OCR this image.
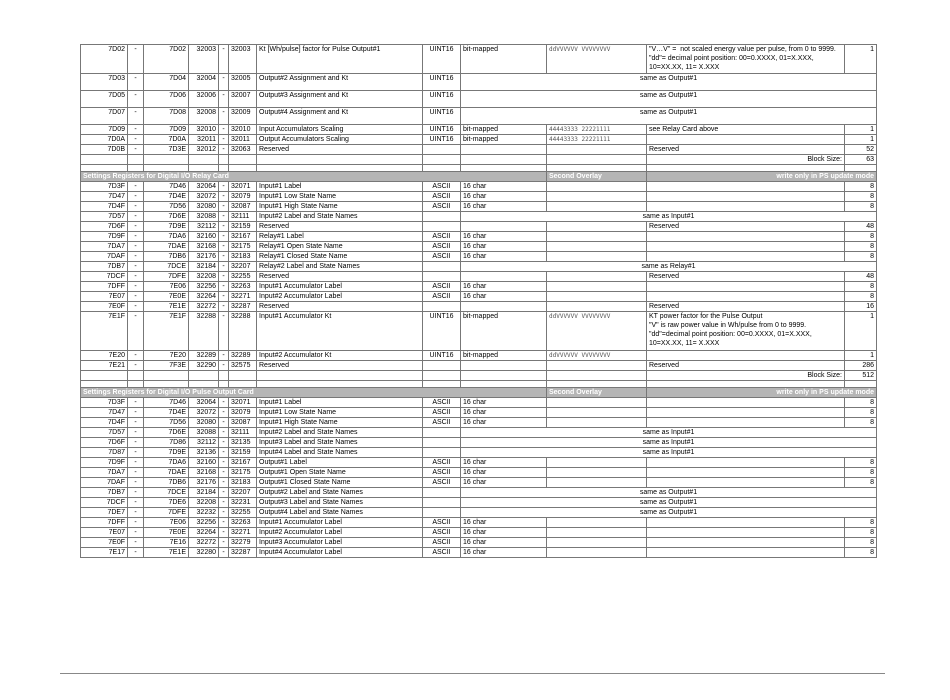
7D02	-	7D02	32003	-	32003	Kt [Wh/pulse] factor for Pulse Output#1	UINT16	bit-mapped	ddVVVVVV VVVVVVVV	"V…V" =  not scaled energy value per pulse, from 0 to 9999.
"dd"= decimal point position: 00=0.XXXX, 01=X.XXX, 10=XX.XX, 11= X.XXX	1	
7D03	-	7D04	32004	-	32005	Output#2 Assignment and Kt	UINT16	same as Output#1	
7D05	-	7D06	32006	-	32007	Output#3 Assignment and Kt	UINT16	same as Output#1	
7D07	-	7D08	32008	-	32009	Output#4 Assignment and Kt	UINT16	same as Output#1	
7D09	-	7D09	32010	-	32010	Input Accumulators Scaling	UINT16	bit-mapped	44443333 22221111	see Relay Card above	1	
7D0A	-	7D0A	32011	-	32011	Output Accumulators Scaling	UINT16	bit-mapped	44443333 22221111		1	
7D0B	-	7D3E	32012	-	32063	Reserved				Reserved	52	
										Block Size:	63	

Settings Registers for Digital I/O Relay Card									Second Overlay	write only in PS update mode		
7D3F	-	7D46	32064	-	32071	Input#1 Label	ASCII	16 char			8	
7D47	-	7D4E	32072	-	32079	Input#1 Low State Name	ASCII	16 char			8	
7D4F	-	7D56	32080	-	32087	Input#1 High State Name	ASCII	16 char			8	
7D57	-	7D6E	32088	-	32111	Input#2 Label and State Names		same as Input#1	
7D6F	-	7D9E	32112	-	32159	Reserved				Reserved	48	
7D9F	-	7DA6	32160	-	32167	Relay#1 Label	ASCII	16 char			8	
7DA7	-	7DAE	32168	-	32175	Relay#1 Open State Name	ASCII	16 char			8	
7DAF	-	7DB6	32176	-	32183	Relay#1 Closed State Name	ASCII	16 char			8	
7DB7	-	7DCE	32184	-	32207	Relay#2 Label and State Names		same as Relay#1	
7DCF	-	7DFE	32208	-	32255	Reserved				Reserved	48	
7DFF	-	7E06	32256	-	32263	Input#1 Accumulator Label	ASCII	16 char			8	
7E07	-	7E0E	32264	-	32271	Input#2 Accumulator Label	ASCII	16 char			8	
7E0F	-	7E1E	32272	-	32287	Reserved				Reserved	16	
7E1F	-	7E1F	32288	-	32288	Input#1 Accumulator Kt	UINT16	bit-mapped	ddVVVVVV VVVVVVVV	KT power factor for the Pulse Output
"V" is raw power value in Wh/pulse from 0 to 9999.
"dd"=decimal point position: 00=0.XXXX, 01=X.XXX, 10=XX.XX, 11= X.XXX	1	
7E20	-	7E20	32289	-	32289	Input#2 Accumulator Kt	UINT16	bit-mapped	ddVVVVVV VVVVVVVV		1	
7E21	-	7F3E	32290	-	32575	Reserved				Reserved	286	
										Block Size:	512	

Settings Registers for Digital I/O Pulse Output Card									Second Overlay	write only in PS update mode		
7D3F	-	7D46	32064	-	32071	Input#1 Label	ASCII	16 char			8	
7D47	-	7D4E	32072	-	32079	Input#1 Low State Name	ASCII	16 char			8	
7D4F	-	7D56	32080	-	32087	Input#1 High State Name	ASCII	16 char			8	
7D57	-	7D6E	32088	-	32111	Input#2 Label and State Names		same as Input#1	
7D6F	-	7D86	32112	-	32135	Input#3 Label and State Names		same as Input#1	
7D87	-	7D9E	32136	-	32159	Input#4 Label and State Names		same as Input#1	
7D9F	-	7DA6	32160	-	32167	Output#1 Label	ASCII	16 char			8	
7DA7	-	7DAE	32168	-	32175	Output#1 Open State Name	ASCII	16 char			8	
7DAF	-	7DB6	32176	-	32183	Output#1 Closed State Name	ASCII	16 char			8	
7DB7	-	7DCE	32184	-	32207	Output#2 Label and State Names		same as Output#1	
7DCF	-	7DE6	32208	-	32231	Output#3 Label and State Names		same as Output#1	
7DE7	-	7DFE	32232	-	32255	Output#4 Label and State Names		same as Output#1	
7DFF	-	7E06	32256	-	32263	Input#1 Accumulator Label	ASCII	16 char			8	
7E07	-	7E0E	32264	-	32271	Input#2 Accumulator Label	ASCII	16 char			8	
7E0F	-	7E16	32272	-	32279	Input#3 Accumulator Label	ASCII	16 char			8	
7E17	-	7E1E	32280	-	32287	Input#4 Accumulator Label	ASCII	16 char			8	
